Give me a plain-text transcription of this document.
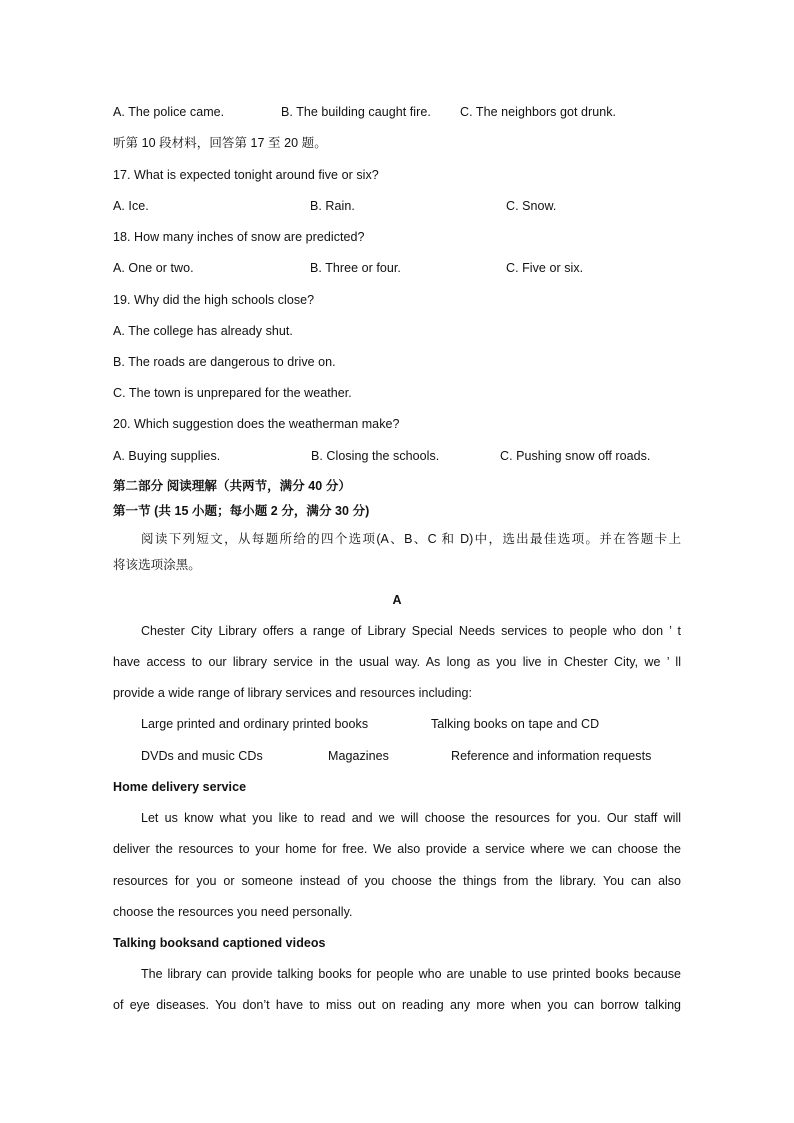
A. The police came.	B. The building caught fire. C. The neighbors got drunk.
听第 10 段材料，回答第 17 至 20 题。
17. What is expected tonight around five or six?
A. Ice.	B. Rain.	C. Snow.
18. How many inches of snow are predicted?
A. One or two.	B. Three or four.	C. Five or six.
19. Why did the high schools close?
A. The college has already shut.
B. The roads are dangerous to drive on.
C. The town is unprepared for the weather.
20. Which suggestion does the weatherman make?
A. Buying supplies.	B. Closing the schools.	C. Pushing snow off roads.
第二部分 阅读理解（共两节，满分 40 分）
第一节 (共 15 小题；每小题 2 分，满分 30 分)
阅读下列短文，从每题所给的四个选项(A、B、C 和 D)中，选出最佳选项。并在答题卡上
将该选项涂黑。
A
Chester City Library offers a range of Library Special Needs services to people who don ’ t
have access to our library service in the usual way. As long as you live in Chester City, we ’ ll
provide a wide range of library services and resources including:
Large printed and ordinary printed books	Talking books on tape and CD
DVDs and music CDs	Magazines	Reference and information requests
Home delivery service
Let us know what you like to read and we will choose the resources for you. Our staff will
deliver the resources to your home for free. We also provide a service where we can choose the
resources for you or someone instead of you choose the things from the library. You can also
choose the resources you need personally.
Talking booksand captioned videos
The library can provide talking books for people who are unable to use printed books because
of eye diseases. You don’t have to miss out on reading any more when you can borrow talking
